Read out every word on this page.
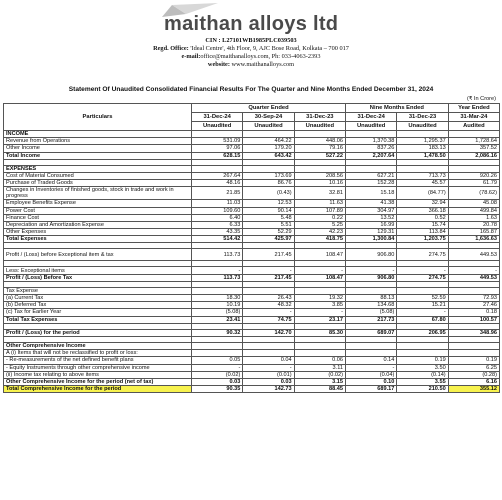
maithan alloys ltd
CIN : L27101WB1985PLC039503
Regd. Office: 'Ideal Centre', 4th Floor, 9, AJC Bose Road, Kolkata – 700 017
e-mail:office@maithanalloys.com, Ph: 033-4063-2393
website: www.maithanalloys.com
Statement Of Unaudited Consolidated Financial Results For The Quarter and Nine Months Ended December 31, 2024
(₹ In Crore)
Particulars	Quarter Ended			Nine Months Ended		Year Ended
	31-Dec-24	30-Sep-24	31-Dec-23	31-Dec-24	31-Dec-23	31-Mar-24
	Unaudited	Unaudited	Unaudited	Unaudited	Unaudited	Audited
INCOME						
Revenue from Operations	531.09	464.22	448.06	1,370.38	1,295.37	1,728.64
Other Income	97.06	179.20	79.16	837.26	183.13	357.52
Total Income	628.15	643.42	527.22	2,207.64	1,478.50	2,086.16

EXPENSES						
Cost of Material Consumed	267.64	173.69	208.56	627.21	713.73	920.26
Purchase of Traded Goods	48.16	86.76	10.16	152.28	45.57	61.79
Changes in Inventories of finished goods, stock in trade and work in progress	21.85	(0.43)	32.81	15.18	(84.77)	(78.62)
Employee Benefits Expense	11.03	12.53	11.63	41.38	32.94	45.08
Power Cost	109.60	90.14	107.89	304.97	366.18	499.84
Finance Cost	6.40	5.48	0.22	13.52	0.52	1.63
Depreciation and Amortization Expense	6.33	5.51	5.25	16.99	15.74	20.78
Other Expenses	43.35	52.29	42.23	129.31	113.84	165.87
Total Expenses	514.42	425.97	418.75	1,300.84	1,203.75	1,636.63

Profit / (Loss) before Exceptional item & tax	113.73	217.45	108.47	906.80	274.75	449.53

Less: Exceptional items	-	-	-	-	-	-
Profit / (Loss) Before Tax	113.73	217.45	108.47	906.80	274.75	449.53

Tax Expense						
(a) Current Tax	18.30	26.43	19.32	88.13	52.59	72.93
(b) Deferred Tax	10.19	48.32	3.85	134.68	15.21	27.46
(c) Tax for Earlier Year	(5.08)	-	-	(5.08)	-	0.18
Total Tax Expenses	23.41	74.75	23.17	217.73	67.80	100.57

Profit / (Loss) for the period	90.32	142.70	85.30	689.07	206.95	348.96

Other Comprehensive Income						
A (i) Items that will not be reclassified to profit or loss:						
- Re-measurements of the net defined benefit plans	0.05	0.04	0.06	0.14	0.19	0.19
- Equity Instruments through other comprehensive income	-	-	3.11	-	3.50	6.25
(ii) Income tax relating to above items	(0.02)	(0.01)	(0.02)	(0.04)	(0.14)	(0.28)
Other Comprehensive Income for the period (net of tax)	0.03	0.03	3.15	0.10	3.55	6.16
Total Comprehensive Income for the period	90.35	142.73	88.45	689.17	210.50	355.12
